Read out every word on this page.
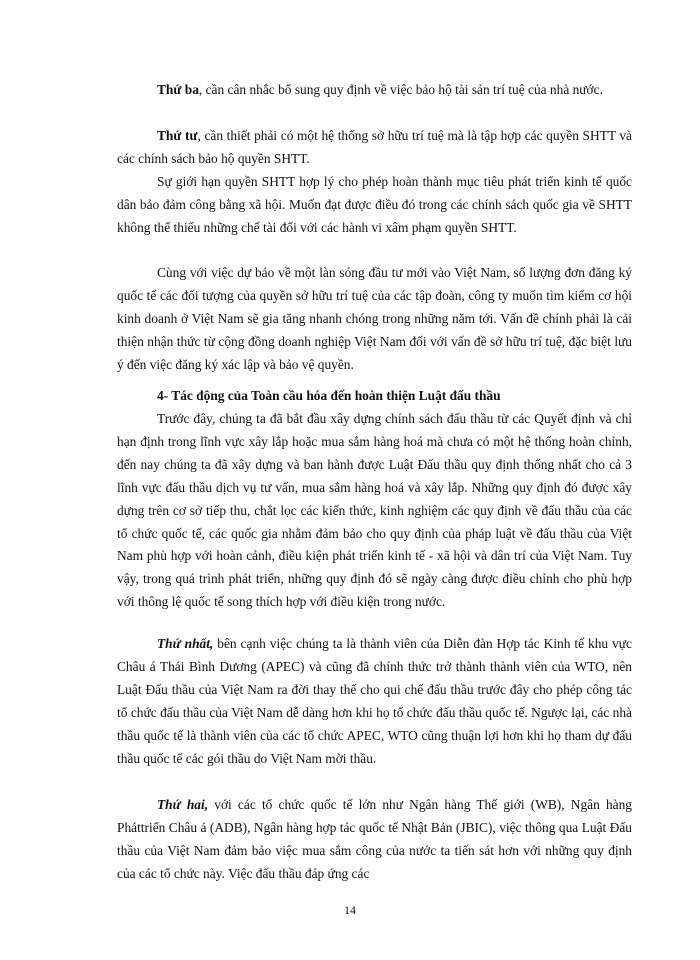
Thứ ba, cần cân nhắc bổ sung quy định về việc bảo hộ tài sản trí tuệ của nhà nước.

Thứ tư, cần thiết phải có một hệ thống sở hữu trí tuệ mà là tập hợp các quyền SHTT và các chính sách bảo hộ quyền SHTT.

Sự giới hạn quyền SHTT hợp lý cho phép hoàn thành mục tiêu phát triển kinh tế quốc dân bảo đảm công bằng xã hội. Muốn đạt được điều đó trong các chính sách quốc gia về SHTT không thể thiếu những chế tài đối với các hành vi xâm phạm quyền SHTT.

Cùng với việc dự báo về một làn sóng đầu tư mới vào Việt Nam, số lượng đơn đăng ký quốc tế các đối tượng của quyền sở hữu trí tuệ của các tập đoàn, công ty muốn tìm kiếm cơ hội kinh doanh ở Việt Nam sẽ gia tăng nhanh chóng trong những năm tới. Vấn đề chính phải là cải thiện nhận thức từ cộng đồng doanh nghiệp Việt Nam đối với vấn đề sở hữu trí tuệ, đặc biệt lưu ý đến việc đăng ký xác lập và bảo vệ quyền.

4- Tác động của Toàn cầu hóa đến hoàn thiện Luật đấu thầu

Trước đây, chúng ta đã bắt đầu xây dựng chính sách đấu thầu từ các Quyết định và chỉ hạn định trong lĩnh vực xây lắp hoặc mua sắm hàng hoá mà chưa có một hệ thống hoàn chỉnh, đến nay chúng ta đã xây dựng và ban hành được Luật Đấu thầu quy định thống nhất cho cả 3 lĩnh vực đấu thầu dịch vụ tư vấn, mua sắm hàng hoá và xây lắp. Những quy định đó được xây dựng trên cơ sở tiếp thu, chắt lọc các kiến thức, kinh nghiệm các quy định về đấu thầu của các tổ chức quốc tế, các quốc gia nhằm đảm bảo cho quy định của pháp luật về đấu thầu của Việt Nam phù hợp với hoàn cảnh, điều kiện phát triển kinh tế - xã hội và dân trí của Việt Nam. Tuy vậy, trong quá trình phát triển, những quy định đó sẽ ngày càng được điều chỉnh cho phù hợp với thông lệ quốc tế song thích hợp với điều kiện trong nước.

Thứ nhất, bên cạnh việc chúng ta là thành viên của Diễn đàn Hợp tác Kinh tế khu vực Châu á Thái Bình Dương (APEC) và cũng đã chính thức trở thành thành viên của WTO, nên Luật Đấu thầu của Việt Nam ra đời thay thế cho qui chế đấu thầu trước đây cho phép công tác tổ chức đấu thầu của Việt Nam dễ dàng hơn khi họ tổ chức đấu thầu quốc tế. Ngược lại, các nhà thầu quốc tế là thành viên của các tổ chức APEC, WTO cũng thuận lợi hơn khi họ tham dự đấu thầu quốc tế các gói thầu do Việt Nam mời thầu.

Thứ hai, với các tổ chức quốc tế lớn như Ngân hàng Thế giới (WB), Ngân hàng Pháttriển Châu á (ADB), Ngân hàng hợp tác quốc tế Nhật Bản (JBIC), việc thông qua Luật Đấu thầu của Việt Nam đảm bảo việc mua sắm công của nước ta tiến sát hơn với những quy định của các tổ chức này. Việc đấu thầu đáp ứng các

14
